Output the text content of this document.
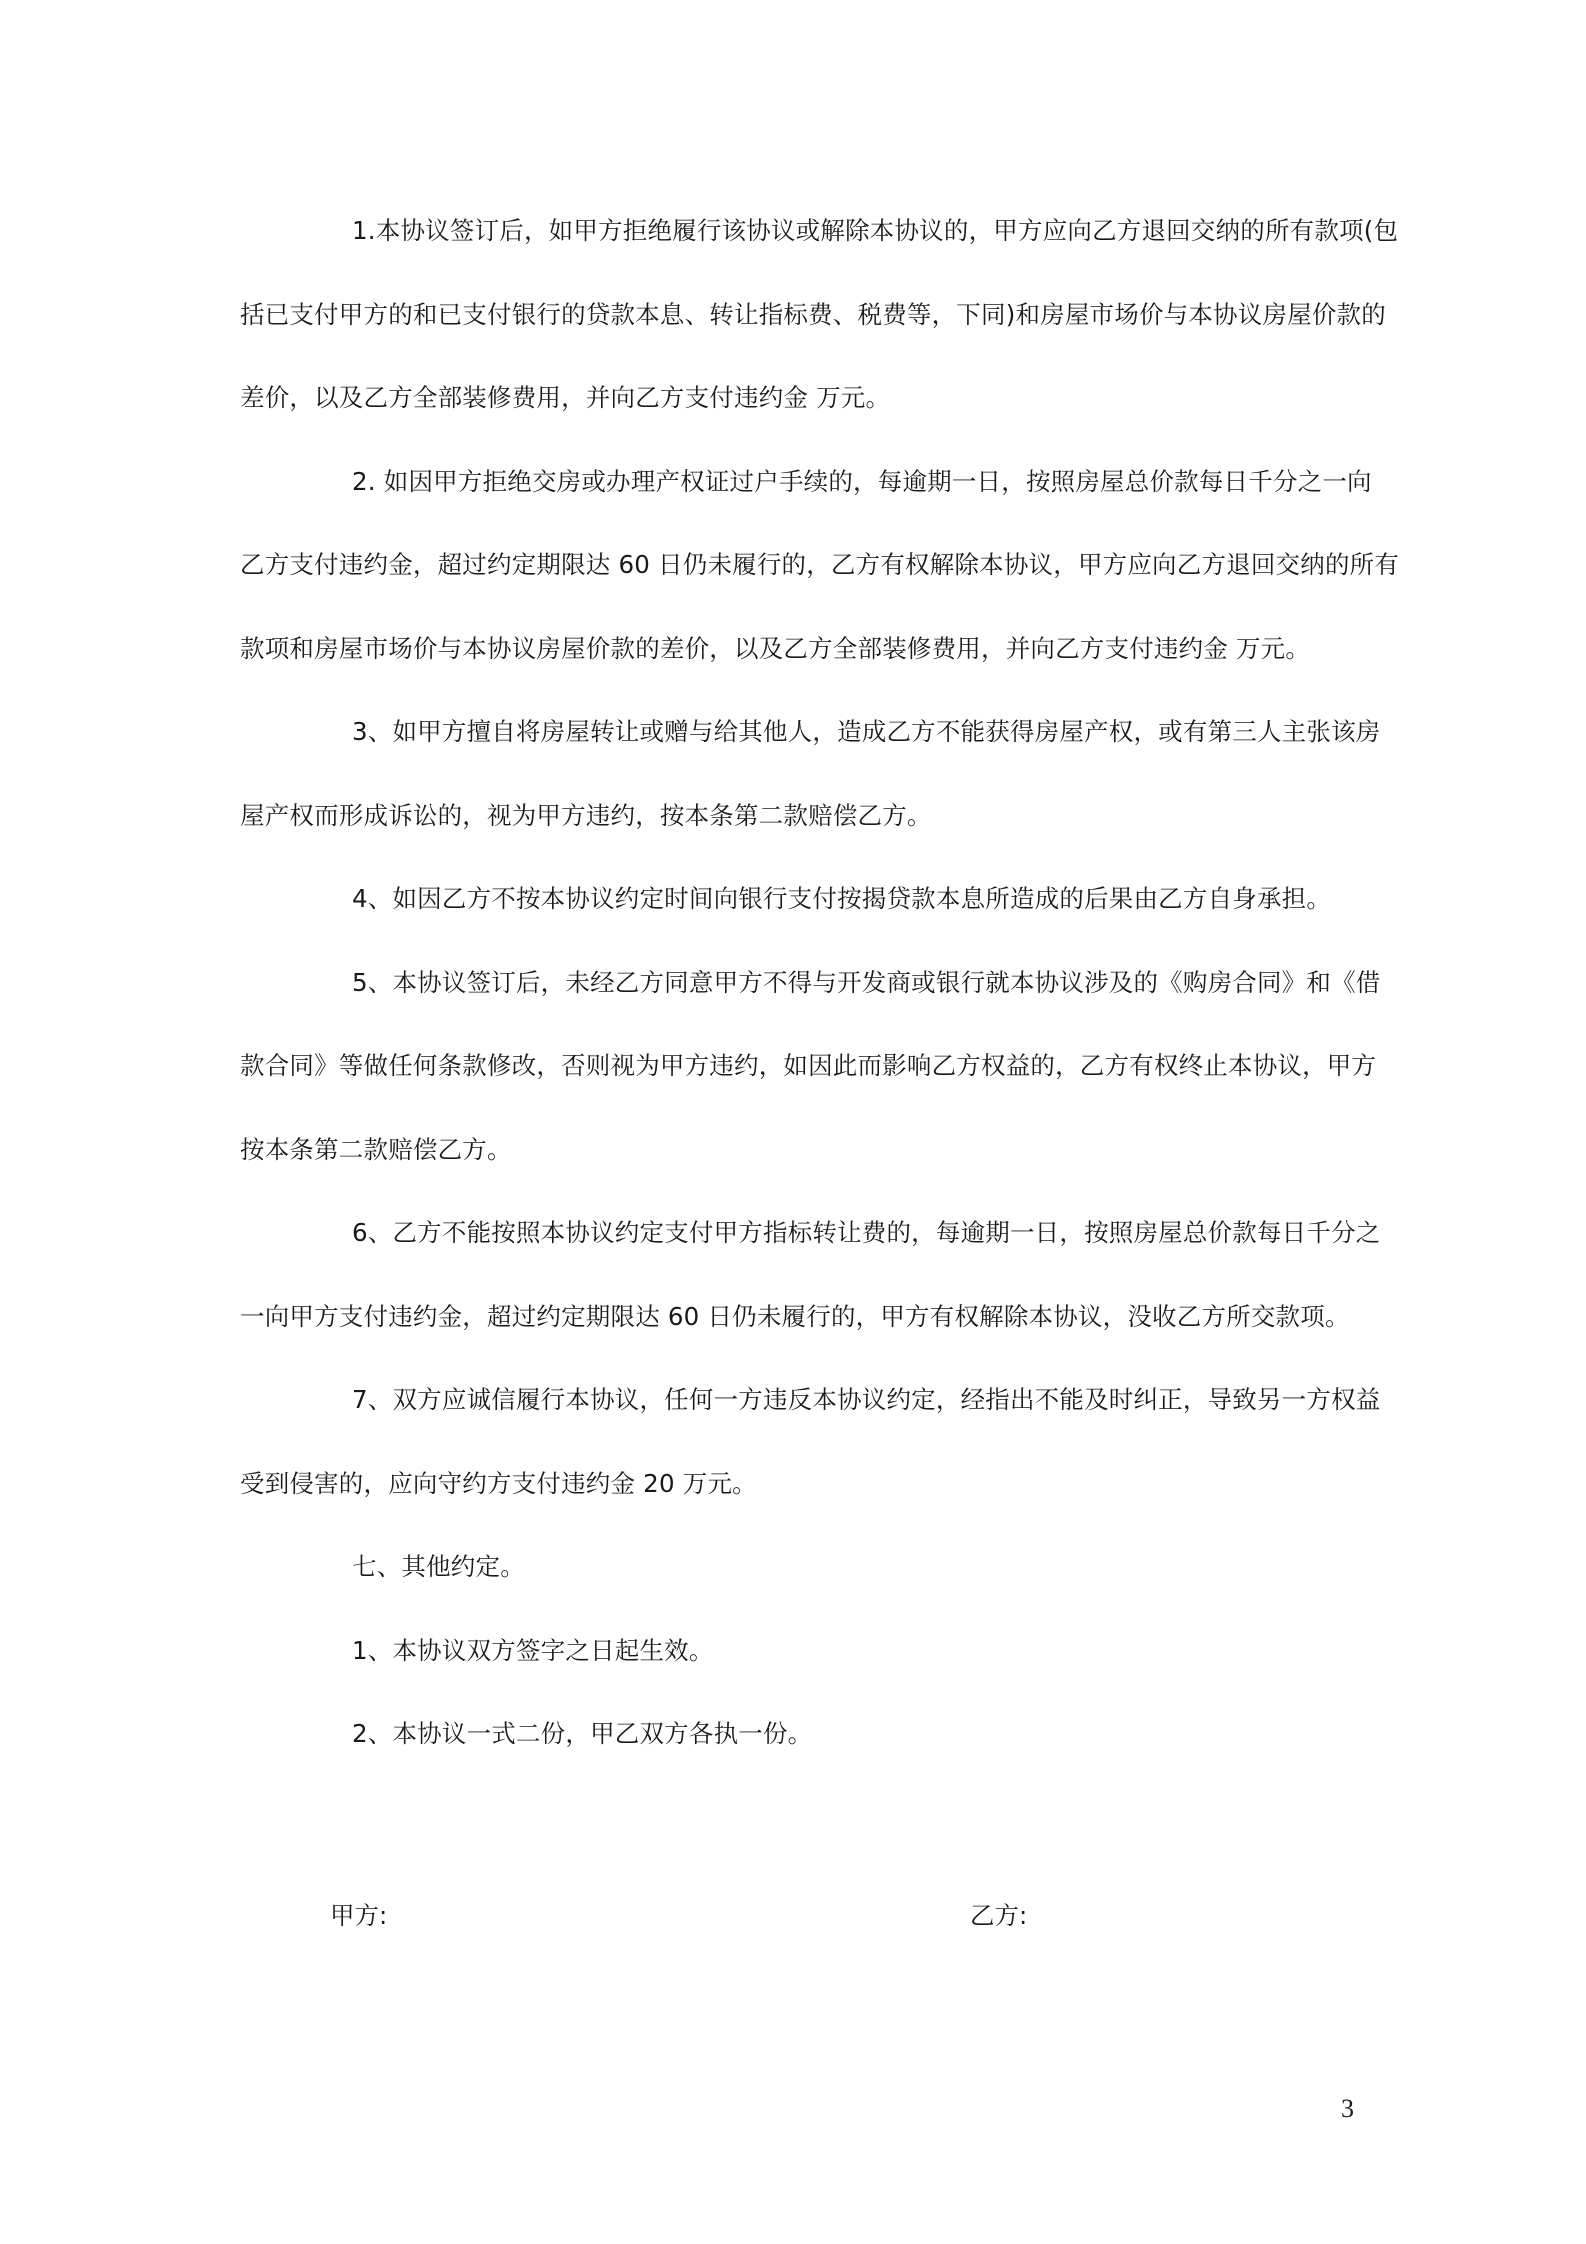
1.本协议签订后，如甲方拒绝履行该协议或解除本协议的，甲方应向乙方退回交纳的所有款项(包
括已支付甲方的和已支付银行的贷款本息、转让指标费、税费等，下同)和房屋市场价与本协议房屋价款的
差价，以及乙方全部装修费用，并向乙方支付违约金 万元。
2. 如因甲方拒绝交房或办理产权证过户手续的，每逾期一日，按照房屋总价款每日千分之一向
乙方支付违约金，超过约定期限达 60 日仍未履行的，乙方有权解除本协议，甲方应向乙方退回交纳的所有
款项和房屋市场价与本协议房屋价款的差价，以及乙方全部装修费用，并向乙方支付违约金 万元。
3、如甲方擅自将房屋转让或赠与给其他人，造成乙方不能获得房屋产权，或有第三人主张该房
屋产权而形成诉讼的，视为甲方违约，按本条第二款赔偿乙方。
4、如因乙方不按本协议约定时间向银行支付按揭贷款本息所造成的后果由乙方自身承担。
5、本协议签订后，未经乙方同意甲方不得与开发商或银行就本协议涉及的《购房合同》和《借
款合同》等做任何条款修改，否则视为甲方违约，如因此而影响乙方权益的，乙方有权终止本协议，甲方
按本条第二款赔偿乙方。
6、乙方不能按照本协议约定支付甲方指标转让费的，每逾期一日，按照房屋总价款每日千分之
一向甲方支付违约金，超过约定期限达 60 日仍未履行的，甲方有权解除本协议，没收乙方所交款项。
7、双方应诚信履行本协议，任何一方违反本协议约定，经指出不能及时纠正，导致另一方权益
受到侵害的，应向守约方支付违约金 20 万元。
七、其他约定。
1、本协议双方签字之日起生效。
2、本协议一式二份，甲乙双方各执一份。
甲方:	乙方:
3
